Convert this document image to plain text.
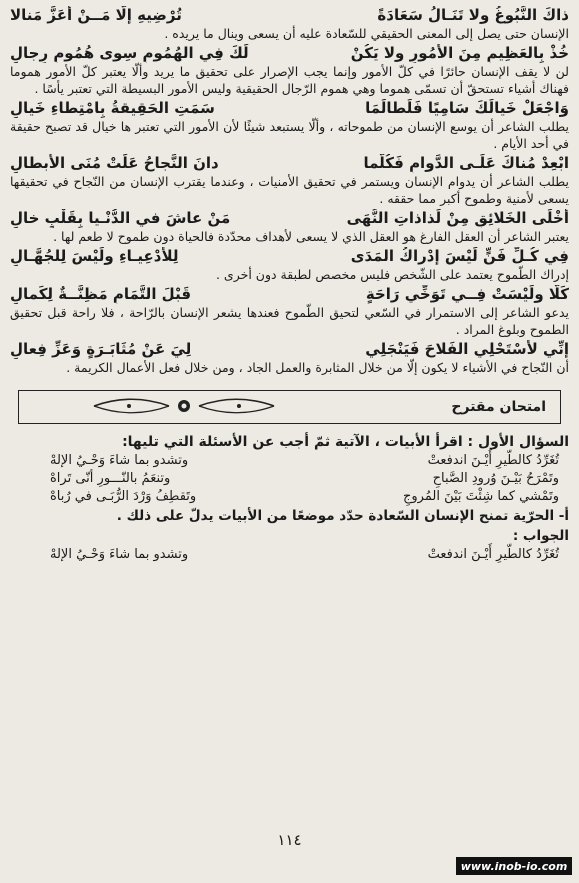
ذاكَ النُّبُوغُ ولا تَنَـالُ سَعَادَةً
تُرْضِيهِ إلّا مَــنْ أعَزَّ مَنالا
الإنسان حتى يصل إلى المعنى الحقيقي للسّعادة عليه أن يسعى وينال ما يريده .
خُذْ بِالعَظِيمِ مِنَ الأُمُورِ ولا يَكُنْ
لَكَ فِي الهُمُومِ سِوى هُمُومِ رِجالِ
لن لا يقف الإنسان حائرًا في كلّ الأمور وإنما يجب الإصرار على تحقيق ما يريد وألّا يعتبر كلّ الأمور هموما فهناك أشياء تستحقّ أن تسمّى هموما وهي هموم الرّجال الحقيقية وليس الأمور البسيطة التي تعتبر يأسًا .
وَاجْعَلْ خَيالَكَ سَامِيًا فَلَطالَمَا
سَمَتِ الحَقِيقةُ بِامْتِطاءِ خَيالِ
يطلب الشاعر أن يوسع الإنسان من طموحاته ، وألّا يستبعد شيئًا لأن الأمور التي تعتبر ها خيال قد تصبح حقيقة في أحد الأيام .
ابْعِدْ مُناكَ عَلَـى الدَّوامِ فَكُلَّما
دانَ النَّجاحُ عَلَتْ مُنَى الأبطالِ
يطلب الشاعر أن يدوام الإنسان ويستمر في تحقيق الأمنيات ، وعندما يقترب الإنسان من النّجاح في تحقيقها يسعى لأمنية وطموح أكبر مما حققه .
أَخْلَى الخَلائِقِ مِنْ لَذاذاتِ النُّهَى
مَنْ عاشَ في الدُّنْـيا بِقَلْبٍ خالِ
يعتبر الشاعر أن العقل الفارغ هو العقل الذي لا يسعى لأهداف محدّدة فالحياة دون طموح لا طعم لها .
فِي كُـلِّ فَنٍّ لَيْسَ إدْراكُ المَدَى
لِلأدْعِيـاءِ ولَيْسَ لِلجُهَّـالِ
إدراك الطّموح يعتمد على الشّخص فليس مخصص لطبقة دون أخرى .
كَلَّا ولَيْسَتْ فِــي تَوَخِّي رَاحَةٍ
قَبْلَ التَّمَامِ مَظِنَّــةٌ لِكَمالِ
يدعو الشاعر إلى الاستمرار في السّعي لتحيق الطّموح فعندها يشعر الإنسان بالرّاحة ، فلا راحة قبل تحقيق الطموح وبلوغ المراد .
إنِّي لأَسْتَحْلِي الفَلاحَ فَيَنْجَلِي
لِيَ عَنْ مُثَابَـرَةٍ وَعَزِّ فِعالِ
أن النّجاح في الأشياء لا يكون إلّا من خلال المثابرة والعمل الجاد ، ومن خلال فعل الأعمال الكريمة .
امتحان مقترح
السؤال الأول : اقرأ الأبيات ، الآتية ثمّ أجب عن الأسئلة التي تليها:
تُغَرِّدُ كالطّيرِ أَيْـنَ اندفعتْ
وتشدو بما شاءَ وَحْـيُ الإلهْ
وتَمْرَحُ بَيْـنَ وُرودِ الصَّباحِ
وتنعَمُ بالنّـــورِ أنّى تَراهْ
وتَمْشي كما شِئْتَ بَيْنَ المُروجِ
وتَقطِفُ وَرْدَ الرُّبَـى في رُباهْ
أ- الحرّية تمنح الإنسان السّعادة حدّد موضعًا من الأبيات يدلّ على ذلك .
الجواب :
تُغَرِّدُ كالطّيرِ أَيْـنَ اندفعتْ
وتشدو بما شاءَ وَحْـيُ الإلهْ
١١٤
www.inob-io.com
